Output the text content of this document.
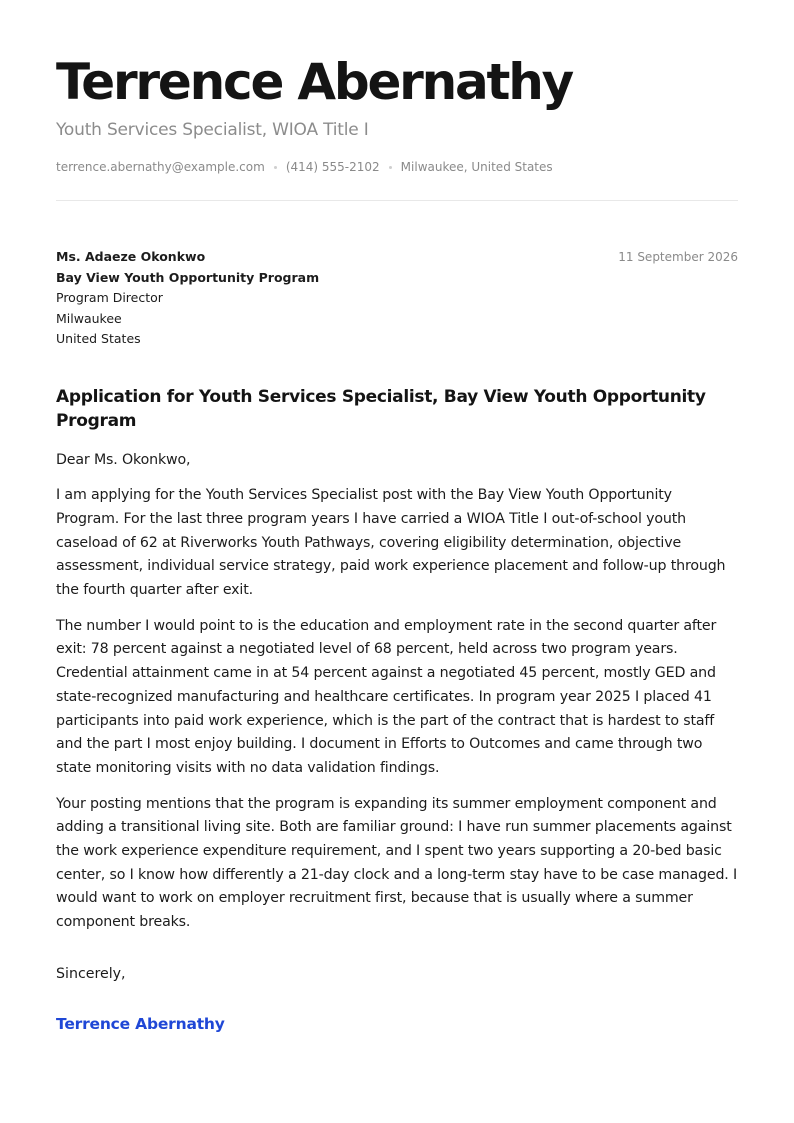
Terrence Abernathy
Youth Services Specialist, WIOA Title I
terrence.abernathy@example.com (414) 555-2102 Milwaukee, United States
Ms. Adaeze Okonkwo
Bay View Youth Opportunity Program
Program Director
Milwaukee
United States
11 September 2026
Application for Youth Services Specialist, Bay View Youth Opportunity Program

Dear Ms. Okonkwo,

I am applying for the Youth Services Specialist post with the Bay View Youth Opportunity Program. For the last three program years I have carried a WIOA Title I out-of-school youth caseload of 62 at Riverworks Youth Pathways, covering eligibility determination, objective assessment, individual service strategy, paid work experience placement and follow-up through the fourth quarter after exit.

The number I would point to is the education and employment rate in the second quarter after exit: 78 percent against a negotiated level of 68 percent, held across two program years. Credential attainment came in at 54 percent against a negotiated 45 percent, mostly GED and state-recognized manufacturing and healthcare certificates. In program year 2025 I placed 41 participants into paid work experience, which is the part of the contract that is hardest to staff and the part I most enjoy building. I document in Efforts to Outcomes and came through two state monitoring visits with no data validation findings.

Your posting mentions that the program is expanding its summer employment component and adding a transitional living site. Both are familiar ground: I have run summer placements against the work experience expenditure requirement, and I spent two years supporting a 20-bed basic center, so I know how differently a 21-day clock and a long-term stay have to be case managed. I would want to work on employer recruitment first, because that is usually where a summer component breaks.

Sincerely,
Terrence Abernathy
